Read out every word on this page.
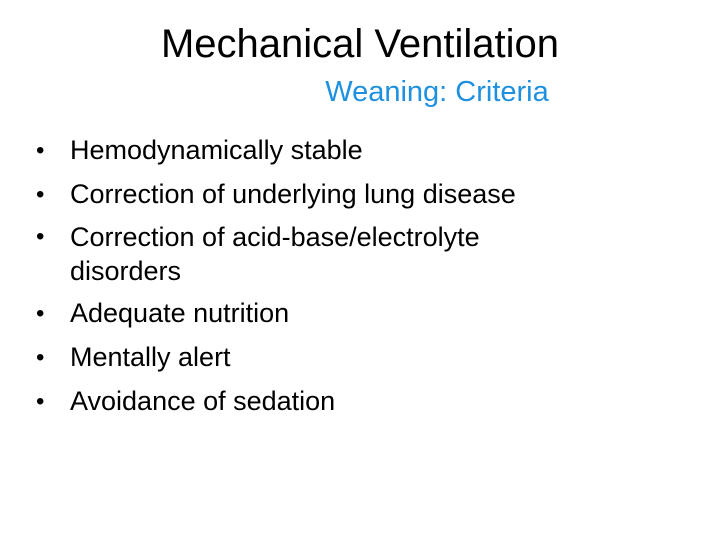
Mechanical Ventilation
Weaning: Criteria
• Hemodynamically stable
• Correction of underlying lung disease
• Correction of acid-base/electrolyte disorders
• Adequate nutrition
• Mentally alert
• Avoidance of sedation
